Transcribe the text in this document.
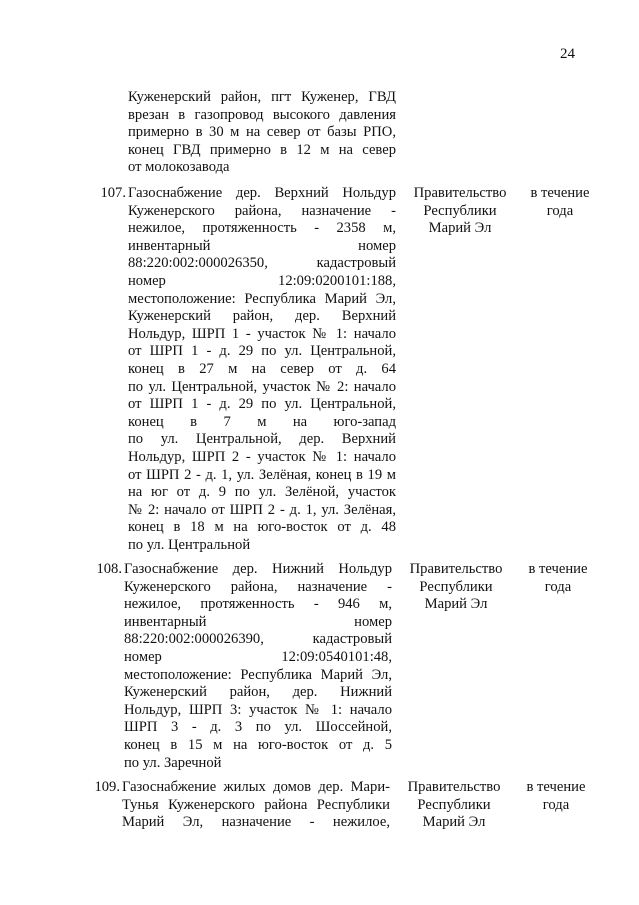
24

Куженерский район, пгт Куженер, ГВД

врезан в газопровод высокого давления

примерно в 30 м на север от базы РПО,

конец ГВД примерно в 12 м на север

от молокозавода

107. Газоснабжение дер. Верхний Нольдур

Куженерского района, назначение -

нежилое, протяженность - 2358 м,

инвентарный номер

88:220:002:000026350, кадастровый

номер 12:09:0200101:188,

местоположение: Республика Марий Эл,

Куженерский район, дер. Верхний

Нольдур, ШРП 1 - участок № 1: начало

от ШРП 1 - д. 29 по ул. Центральной,

конец в 27 м на север от д. 64

по ул. Центральной, участок № 2: начало

от ШРП 1 - д. 29 по ул. Центральной,

конец в 7 м на юго-запад

по ул. Центральной, дер. Верхний

Нольдур, ШРП 2 - участок № 1: начало

от ШРП 2 - д. 1, ул. Зелёная, конец в 19 м

на юг от д. 9 по ул. Зелёной, участок

№ 2: начало от ШРП 2 - д. 1, ул. Зелёная,

конец в 18 м на юго-восток от д. 48

по ул. Центральной

Правительство

Республики

Марий Эл

в течение

года

108. Газоснабжение дер. Нижний Нольдур

Куженерского района, назначение -

нежилое, протяженность - 946 м,

инвентарный номер

88:220:002:000026390, кадастровый

номер 12:09:0540101:48,

местоположение: Республика Марий Эл,

Куженерский район, дер. Нижний

Нольдур, ШРП 3: участок № 1: начало

ШРП 3 - д. 3 по ул. Шоссейной,

конец в 15 м на юго-восток от д. 5

по ул. Заречной

Правительство

Республики

Марий Эл

в течение

года

109. Газоснабжение жилых домов дер. Мари-

Тунья Куженерского района Республики

Марий Эл, назначение - нежилое,

Правительство

Республики

Марий Эл

в течение

года
